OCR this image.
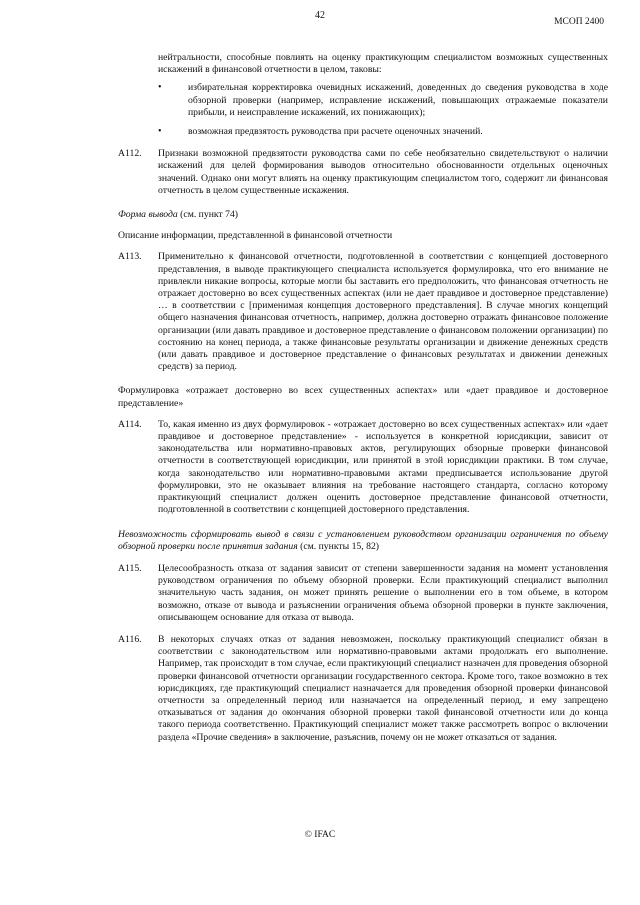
42
МСОП 2400

нейтральности, способные повлиять на оценку практикующим специалистом возможных существенных искажений в финансовой отчетности в целом, таковы:

•	избирательная корректировка очевидных искажений, доведенных до сведения руководства в ходе обзорной проверки (например, исправление искажений, повышающих отражаемые показатели прибыли, и неисправление искажений, их понижающих);
•	возможная предвзятость руководства при расчете оценочных значений.
A112. Признаки возможной предвзятости руководства сами по себе необязательно свидетельствуют о наличии искажений для целей формирования выводов относительно обоснованности отдельных оценочных значений. Однако они могут влиять на оценку практикующим специалистом того, содержит ли финансовая отчетность в целом существенные искажения.

Форма вывода (см. пункт 74)

Описание информации, представленной в финансовой отчетности

A113. Применительно к финансовой отчетности, подготовленной в соответствии с концепцией достоверного представления, в выводе практикующего специалиста используется формулировка, что его внимание не привлекли никакие вопросы, которые могли бы заставить его предположить, что финансовая отчетность не отражает достоверно во всех существенных аспектах (или не дает правдивое и достоверное представление) … в соответствии с [применимая концепция достоверного представления]. В случае многих концепций общего назначения финансовая отчетность, например, должна достоверно отражать финансовое положение организации (или давать правдивое и достоверное представление о финансовом положении организации) по состоянию на конец периода, а также финансовые результаты организации и движение денежных средств (или давать правдивое и достоверное представление о финансовых результатах и движении денежных средств) за период.

Формулировка «отражает достоверно во всех существенных аспектах» или «дает правдивое и достоверное представление»

A114. То, какая именно из двух формулировок - «отражает достоверно во всех существенных аспектах» или «дает правдивое и достоверное представление» - используется в конкретной юрисдикции, зависит от законодательства или нормативно-правовых актов, регулирующих обзорные проверки финансовой отчетности в соответствующей юрисдикции, или принятой в этой юрисдикции практики. В том случае, когда законодательство или нормативно-правовыми актами предписывается использование другой формулировки, это не оказывает влияния на требование настоящего стандарта, согласно которому практикующий специалист должен оценить достоверное представление финансовой отчетности, подготовленной в соответствии с концепцией достоверного представления.

Невозможность сформировать вывод в связи с установлением руководством организации ограничения по объему обзорной проверки после принятия задания (см. пункты 15, 82)

A115. Целесообразность отказа от задания зависит от степени завершенности задания на момент установления руководством ограничения по объему обзорной проверки. Если практикующий специалист выполнил значительную часть задания, он может принять решение о выполнении его в том объеме, в котором возможно, отказе от вывода и разъяснении ограничения объема обзорной проверки в пункте заключения, описывающем основание для отказа от вывода.
A116. В некоторых случаях отказ от задания невозможен, поскольку практикующий специалист обязан в соответствии с законодательством или нормативно-правовыми актами продолжать его выполнение. Например, так происходит в том случае, если практикующий специалист назначен для проведения обзорной проверки финансовой отчетности организации государственного сектора. Кроме того, такое возможно в тех юрисдикциях, где практикующий специалист назначается для проведения обзорной проверки финансовой отчетности за определенный период или назначается на определенный период, и ему запрещено отказываться от задания до окончания обзорной проверки такой финансовой отчетности или до конца такого периода соответственно. Практикующий специалист может также рассмотреть вопрос о включении раздела «Прочие сведения» в заключение, разъяснив, почему он не может отказаться от задания.
© IFAC
